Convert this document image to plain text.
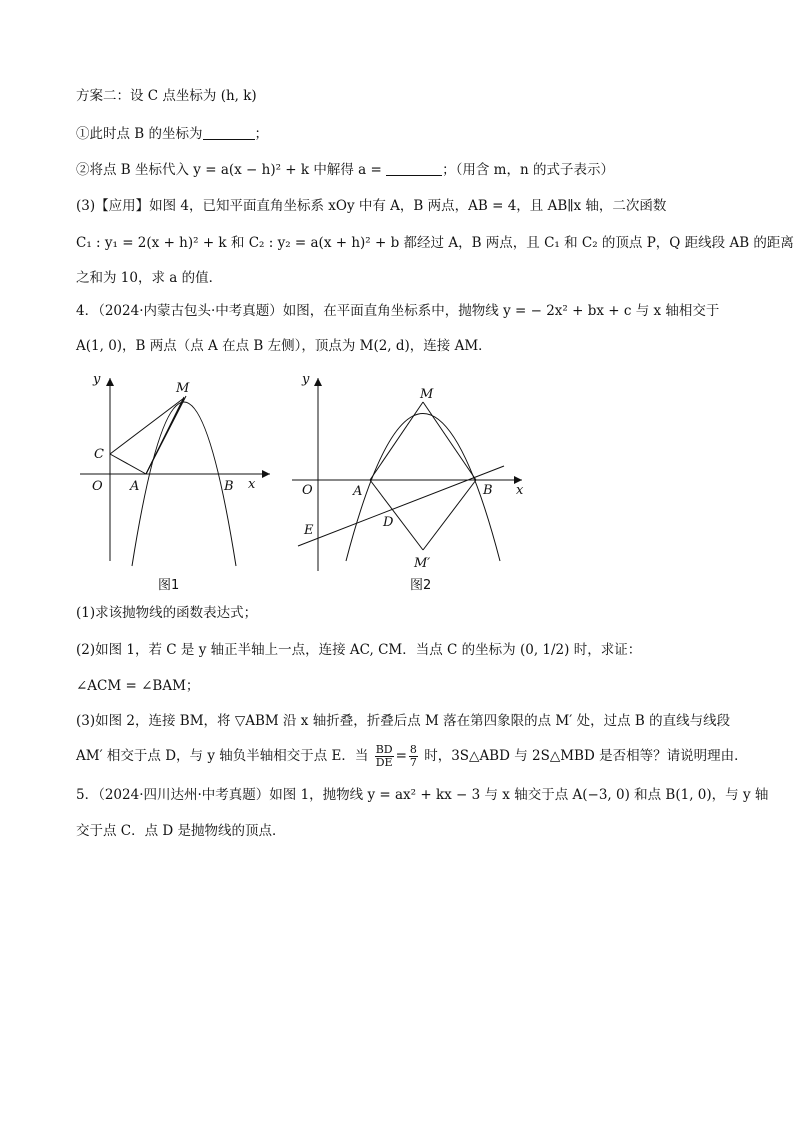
方案二：设 C 点坐标为 (h, k)
①此时点 B 的坐标为	；
②将点 B 坐标代入 y = a(x − h)² + k 中解得 a =	；（用含 m，n 的式子表示）
(3)【应用】如图 4，已知平面直角坐标系 xOy 中有 A，B 两点，AB = 4，且 AB∥x 轴，二次函数
C₁ : y₁ = 2(x + h)² + k 和 C₂ : y₂ = a(x + h)² + b 都经过 A，B 两点，且 C₁ 和 C₂ 的顶点 P，Q 距线段 AB 的距离
之和为 10，求 a 的值．
4．（2024·内蒙古包头·中考真题）如图，在平面直角坐标系中，抛物线 y = − 2x² + bx + c 与 x 轴相交于
A(1, 0)，B 两点（点 A 在点 B 左侧），顶点为 M(2, d)，连接 AM．
y
x
O A	B
C
M
y
x
O	A	B
D
E
M
M′
图1	图2
(1)求该抛物线的函数表达式；
(2)如图 1，若 C 是 y 轴正半轴上一点，连接 AC, CM．当点 C 的坐标为 (0, 1/2) 时，求证：
∠ACM = ∠BAM；
(3)如图 2，连接 BM，将 ▽ABM 沿 x 轴折叠，折叠后点 M 落在第四象限的点 M′ 处，过点 B 的直线与线段
AM′ 相交于点 D，与 y 轴负半轴相交于点 E．当 $\frac{BD}{DE} = \frac{8}{7}$ 时，3S△ABD 与 2S△MBD 是否相等？请说明理由．
5．（2024·四川达州·中考真题）如图 1，抛物线 y = ax² + kx − 3 与 x 轴交于点 A(−3, 0) 和点 B(1, 0)，与 y 轴
交于点 C．点 D 是抛物线的顶点．
